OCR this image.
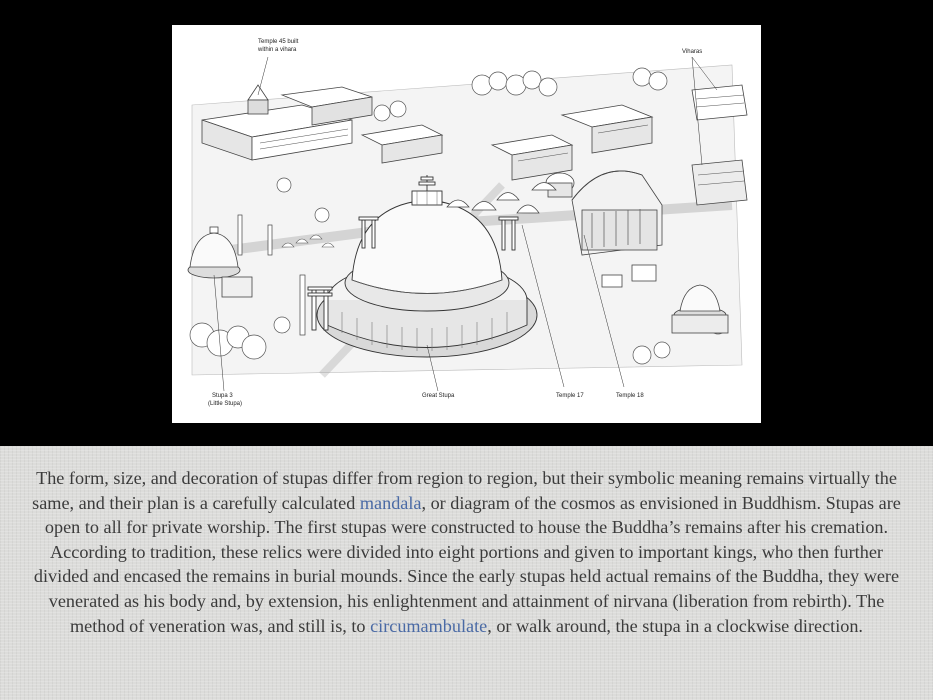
Temple 45 built
within a vihara	Viharas
Stupa 3
(Little Stupa)
Great Stupa	Temple 17	Temple 18

The form, size, and decoration of stupas differ from region to region, but their symbolic meaning remains virtually the same, and their plan is a carefully calculated mandala, or diagram of the cosmos as envisioned in Buddhism. Stupas are open to all for private worship. The first stupas were constructed to house the Buddha’s remains after his cremation. According to tradition, these relics were divided into eight portions and given to important kings, who then further divided and encased the remains in burial mounds. Since the early stupas held actual remains of the Buddha, they were venerated as his body and, by extension, his enlightenment and attainment of nirvana (liberation from rebirth). The method of veneration was, and still is, to circumambulate, or walk around, the stupa in a clockwise direction.
